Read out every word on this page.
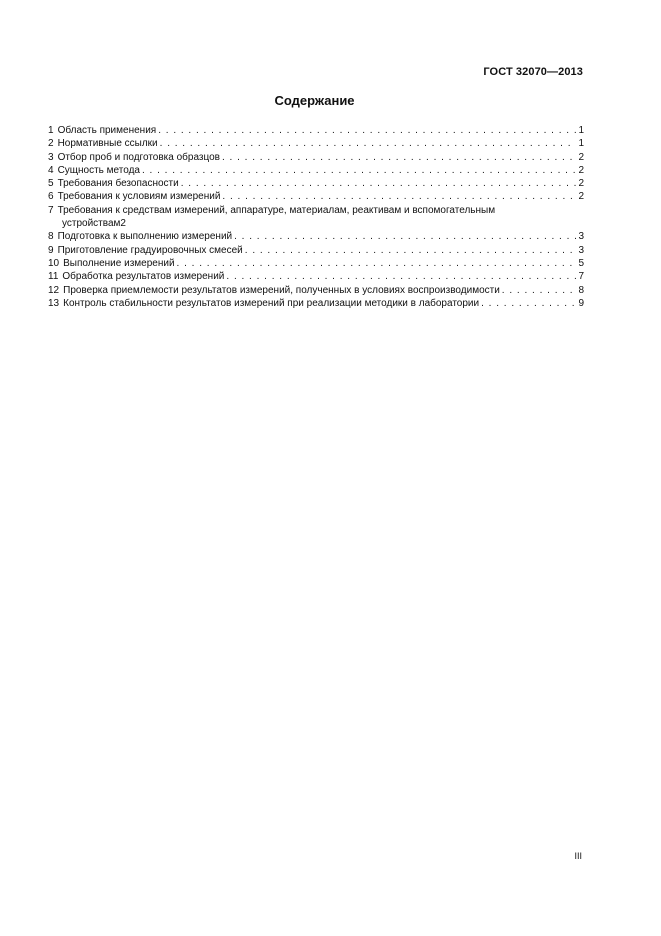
ГОСТ 32070—2013
Содержание
1 Область применения . . .	1
2 Нормативные ссылки . . .	1
3 Отбор проб и подготовка образцов . . .	2
4 Сущность метода . . .	2
5 Требования безопасности . . .	2
6 Требования к условиям измерений . . .	2
7 Требования к средствам измерений, аппаратуре, материалам, реактивам и вспомогательным
устройствам 2
8 Подготовка к выполнению измерений . . .	3
9 Приготовление градуировочных смесей . . .	3
10 Выполнение измерений . . .	5
11 Обработка результатов измерений . . .	7
12 Проверка приемлемости результатов измерений, полученных в условиях воспроизводимости . . .	8
13 Контроль стабильности результатов измерений при реализации методики в лаборатории . . .	9
III
